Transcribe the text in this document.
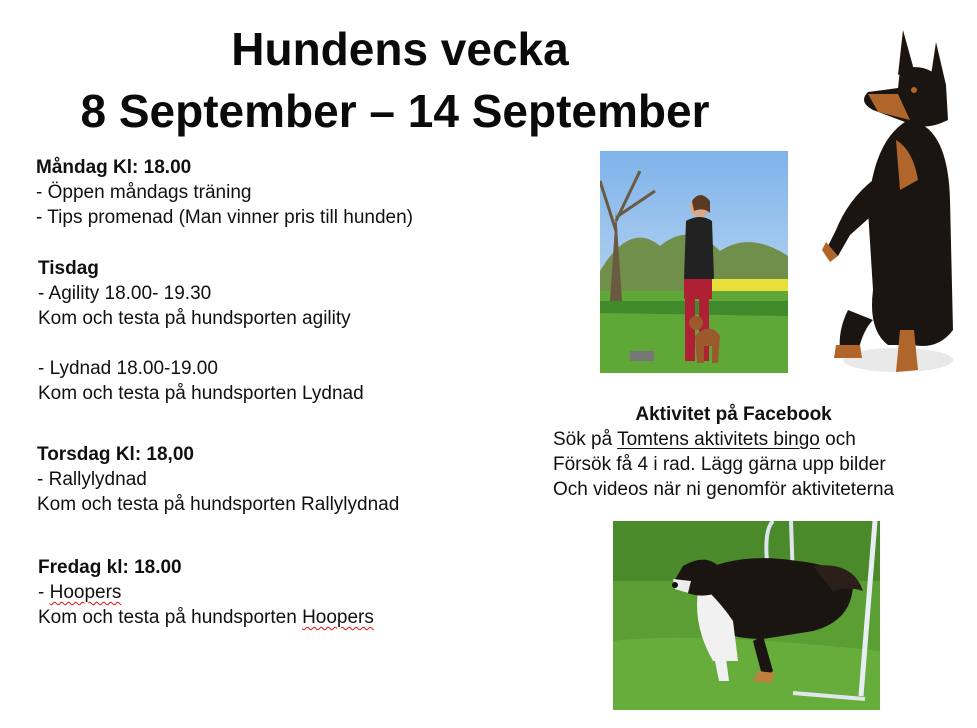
Hundens vecka
8 September – 14 September
Måndag Kl: 18.00
- Öppen måndags träning
- Tips promenad (Man vinner pris till hunden)
Tisdag
- Agility 18.00- 19.30
Kom och testa på hundsporten agility
- Lydnad 18.00-19.00
Kom och testa på hundsporten Lydnad
Torsdag Kl: 18,00
- Rallylydnad
Kom och testa på hundsporten Rallylydnad
Fredag kl: 18.00
- Hoopers
Kom och testa på hundsporten Hoopers
Aktivitet på Facebook
Sök på Tomtens aktivitets bingo och
Försök få 4 i rad. Lägg gärna upp bilder
Och videos när ni genomför aktiviteterna
